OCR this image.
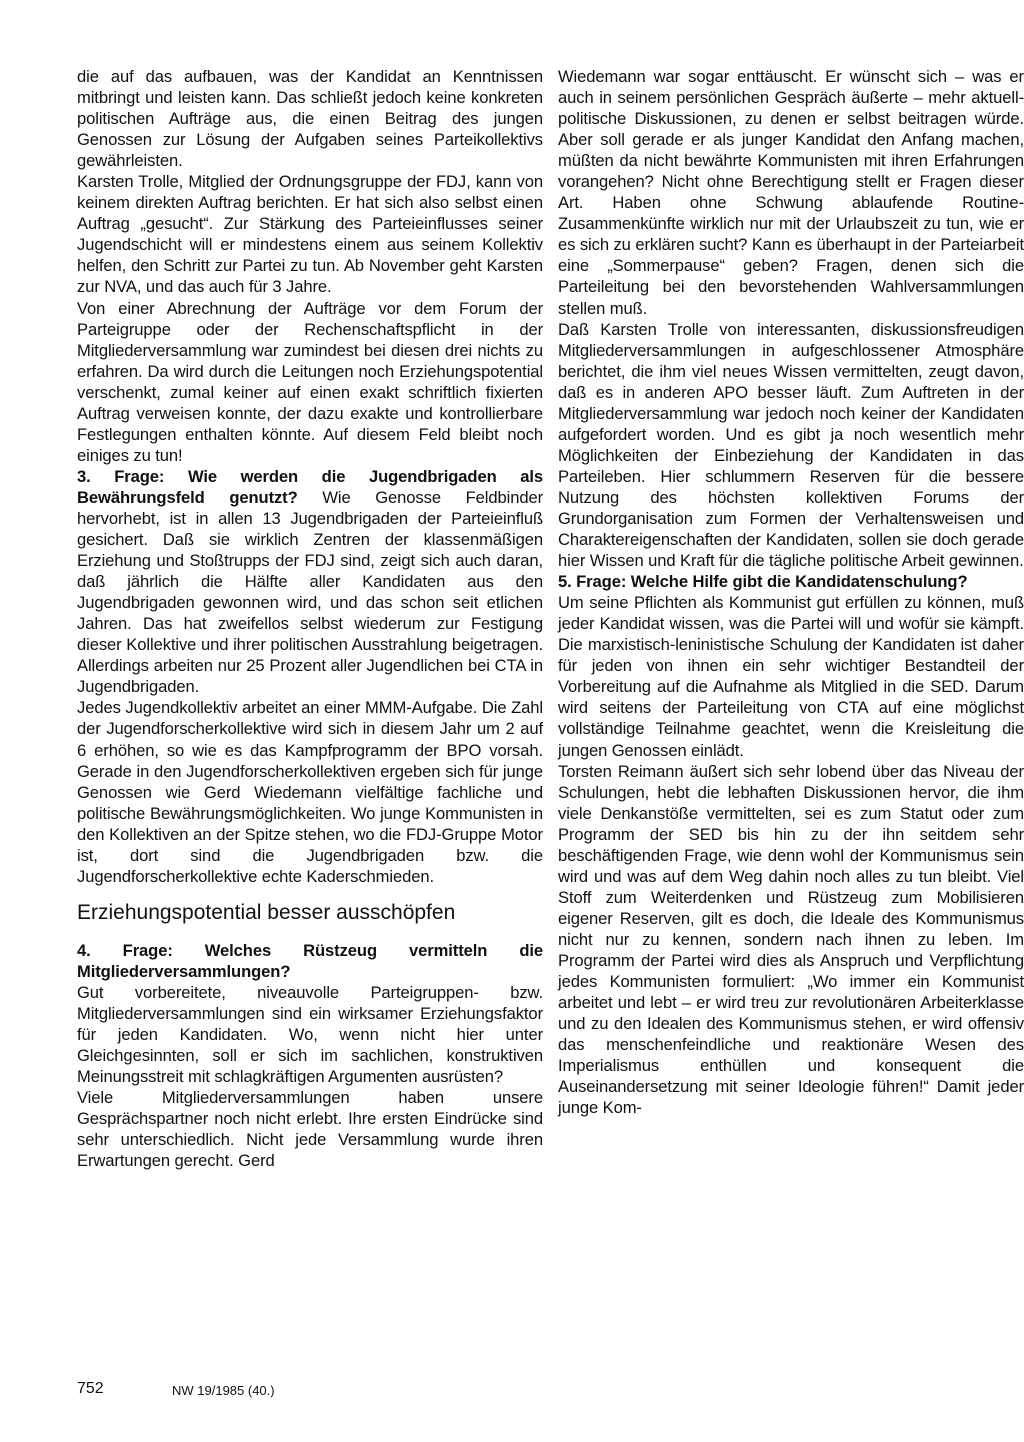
die auf das aufbauen, was der Kandidat an Kenntnissen mitbringt und leisten kann. Das schließt jedoch keine konkreten politischen Aufträge aus, die einen Beitrag des jungen Genossen zur Lösung der Aufgaben seines Parteikollektivs gewährleisten.

Karsten Trolle, Mitglied der Ordnungsgruppe der FDJ, kann von keinem direkten Auftrag berichten. Er hat sich also selbst einen Auftrag „gesucht“. Zur Stärkung des Parteieinflusses seiner Jugendschicht will er mindestens einem aus seinem Kollektiv helfen, den Schritt zur Partei zu tun. Ab November geht Karsten zur NVA, und das auch für 3 Jahre.

Von einer Abrechnung der Aufträge vor dem Forum der Parteigruppe oder der Rechenschaftspflicht in der Mitgliederversammlung war zumindest bei diesen drei nichts zu erfahren. Da wird durch die Leitungen noch Erziehungspotential verschenkt, zumal keiner auf einen exakt schriftlich fixierten Auftrag verweisen konnte, der dazu exakte und kontrollierbare Festlegungen enthalten könnte. Auf diesem Feld bleibt noch einiges zu tun!

3. Frage: Wie werden die Jugendbrigaden als Bewährungsfeld genutzt? Wie Genosse Feldbinder hervorhebt, ist in allen 13 Jugendbrigaden der Parteieinfluß gesichert. Daß sie wirklich Zentren der klassenmäßigen Erziehung und Stoßtrupps der FDJ sind, zeigt sich auch daran, daß jährlich die Hälfte aller Kandidaten aus den Jugendbrigaden gewonnen wird, und das schon seit etlichen Jahren. Das hat zweifellos selbst wiederum zur Festigung dieser Kollektive und ihrer politischen Ausstrahlung beigetragen. Allerdings arbeiten nur 25 Prozent aller Jugendlichen bei CTA in Jugendbrigaden.

Jedes Jugendkollektiv arbeitet an einer MMM-Aufgabe. Die Zahl der Jugendforscherkollektive wird sich in diesem Jahr um 2 auf 6 erhöhen, so wie es das Kampfprogramm der BPO vorsah. Gerade in den Jugendforscherkollektiven ergeben sich für junge Genossen wie Gerd Wiedemann vielfältige fachliche und politische Bewährungsmöglichkeiten. Wo junge Kommunisten in den Kollektiven an der Spitze stehen, wo die FDJ-Gruppe Motor ist, dort sind die Jugendbrigaden bzw. die Jugendforscherkollektive echte Kaderschmieden.

Erziehungspotential besser ausschöpfen

4. Frage: Welches Rüstzeug vermitteln die Mitgliederversammlungen?

Gut vorbereitete, niveauvolle Parteigruppen- bzw. Mitgliederversammlungen sind ein wirksamer Erziehungsfaktor für jeden Kandidaten. Wo, wenn nicht hier unter Gleichgesinnten, soll er sich im sachlichen, konstruktiven Meinungsstreit mit schlagkräftigen Argumenten ausrüsten?

Viele Mitgliederversammlungen haben unsere Gesprächspartner noch nicht erlebt. Ihre ersten Eindrücke sind sehr unterschiedlich. Nicht jede Versammlung wurde ihren Erwartungen gerecht. Gerd

Wiedemann war sogar enttäuscht. Er wünscht sich – was er auch in seinem persönlichen Gespräch äußerte – mehr aktuell-politische Diskussionen, zu denen er selbst beitragen würde. Aber soll gerade er als junger Kandidat den Anfang machen, müßten da nicht bewährte Kommunisten mit ihren Erfahrungen vorangehen? Nicht ohne Berechtigung stellt er Fragen dieser Art. Haben ohne Schwung ablaufende Routine-Zusammenkünfte wirklich nur mit der Urlaubszeit zu tun, wie er es sich zu erklären sucht? Kann es überhaupt in der Parteiarbeit eine „Sommerpause“ geben? Fragen, denen sich die Parteileitung bei den bevorstehenden Wahlversammlungen stellen muß.

Daß Karsten Trolle von interessanten, diskussionsfreudigen Mitgliederversammlungen in aufgeschlossener Atmosphäre berichtet, die ihm viel neues Wissen vermittelten, zeugt davon, daß es in anderen APO besser läuft. Zum Auftreten in der Mitgliederversammlung war jedoch noch keiner der Kandidaten aufgefordert worden. Und es gibt ja noch wesentlich mehr Möglichkeiten der Einbeziehung der Kandidaten in das Parteileben. Hier schlummern Reserven für die bessere Nutzung des höchsten kollektiven Forums der Grundorganisation zum Formen der Verhaltensweisen und Charaktereigenschaften der Kandidaten, sollen sie doch gerade hier Wissen und Kraft für die tägliche politische Arbeit gewinnen.

5. Frage: Welche Hilfe gibt die Kandidatenschulung?

Um seine Pflichten als Kommunist gut erfüllen zu können, muß jeder Kandidat wissen, was die Partei will und wofür sie kämpft. Die marxistisch-leninistische Schulung der Kandidaten ist daher für jeden von ihnen ein sehr wichtiger Bestandteil der Vorbereitung auf die Aufnahme als Mitglied in die SED. Darum wird seitens der Parteileitung von CTA auf eine möglichst vollständige Teilnahme geachtet, wenn die Kreisleitung die jungen Genossen einlädt.

Torsten Reimann äußert sich sehr lobend über das Niveau der Schulungen, hebt die lebhaften Diskussionen hervor, die ihm viele Denkanstöße vermittelten, sei es zum Statut oder zum Programm der SED bis hin zu der ihn seitdem sehr beschäftigenden Frage, wie denn wohl der Kommunismus sein wird und was auf dem Weg dahin noch alles zu tun bleibt. Viel Stoff zum Weiterdenken und Rüstzeug zum Mobilisieren eigener Reserven, gilt es doch, die Ideale des Kommunismus nicht nur zu kennen, sondern nach ihnen zu leben. Im Programm der Partei wird dies als Anspruch und Verpflichtung jedes Kommunisten formuliert: „Wo immer ein Kommunist arbeitet und lebt – er wird treu zur revolutionären Arbeiterklasse und zu den Idealen des Kommunismus stehen, er wird offensiv das menschenfeindliche und reaktionäre Wesen des Imperialismus enthüllen und konsequent die Auseinandersetzung mit seiner Ideologie führen!“ Damit jeder junge Kom-

752	NW 19/1985 (40.)
